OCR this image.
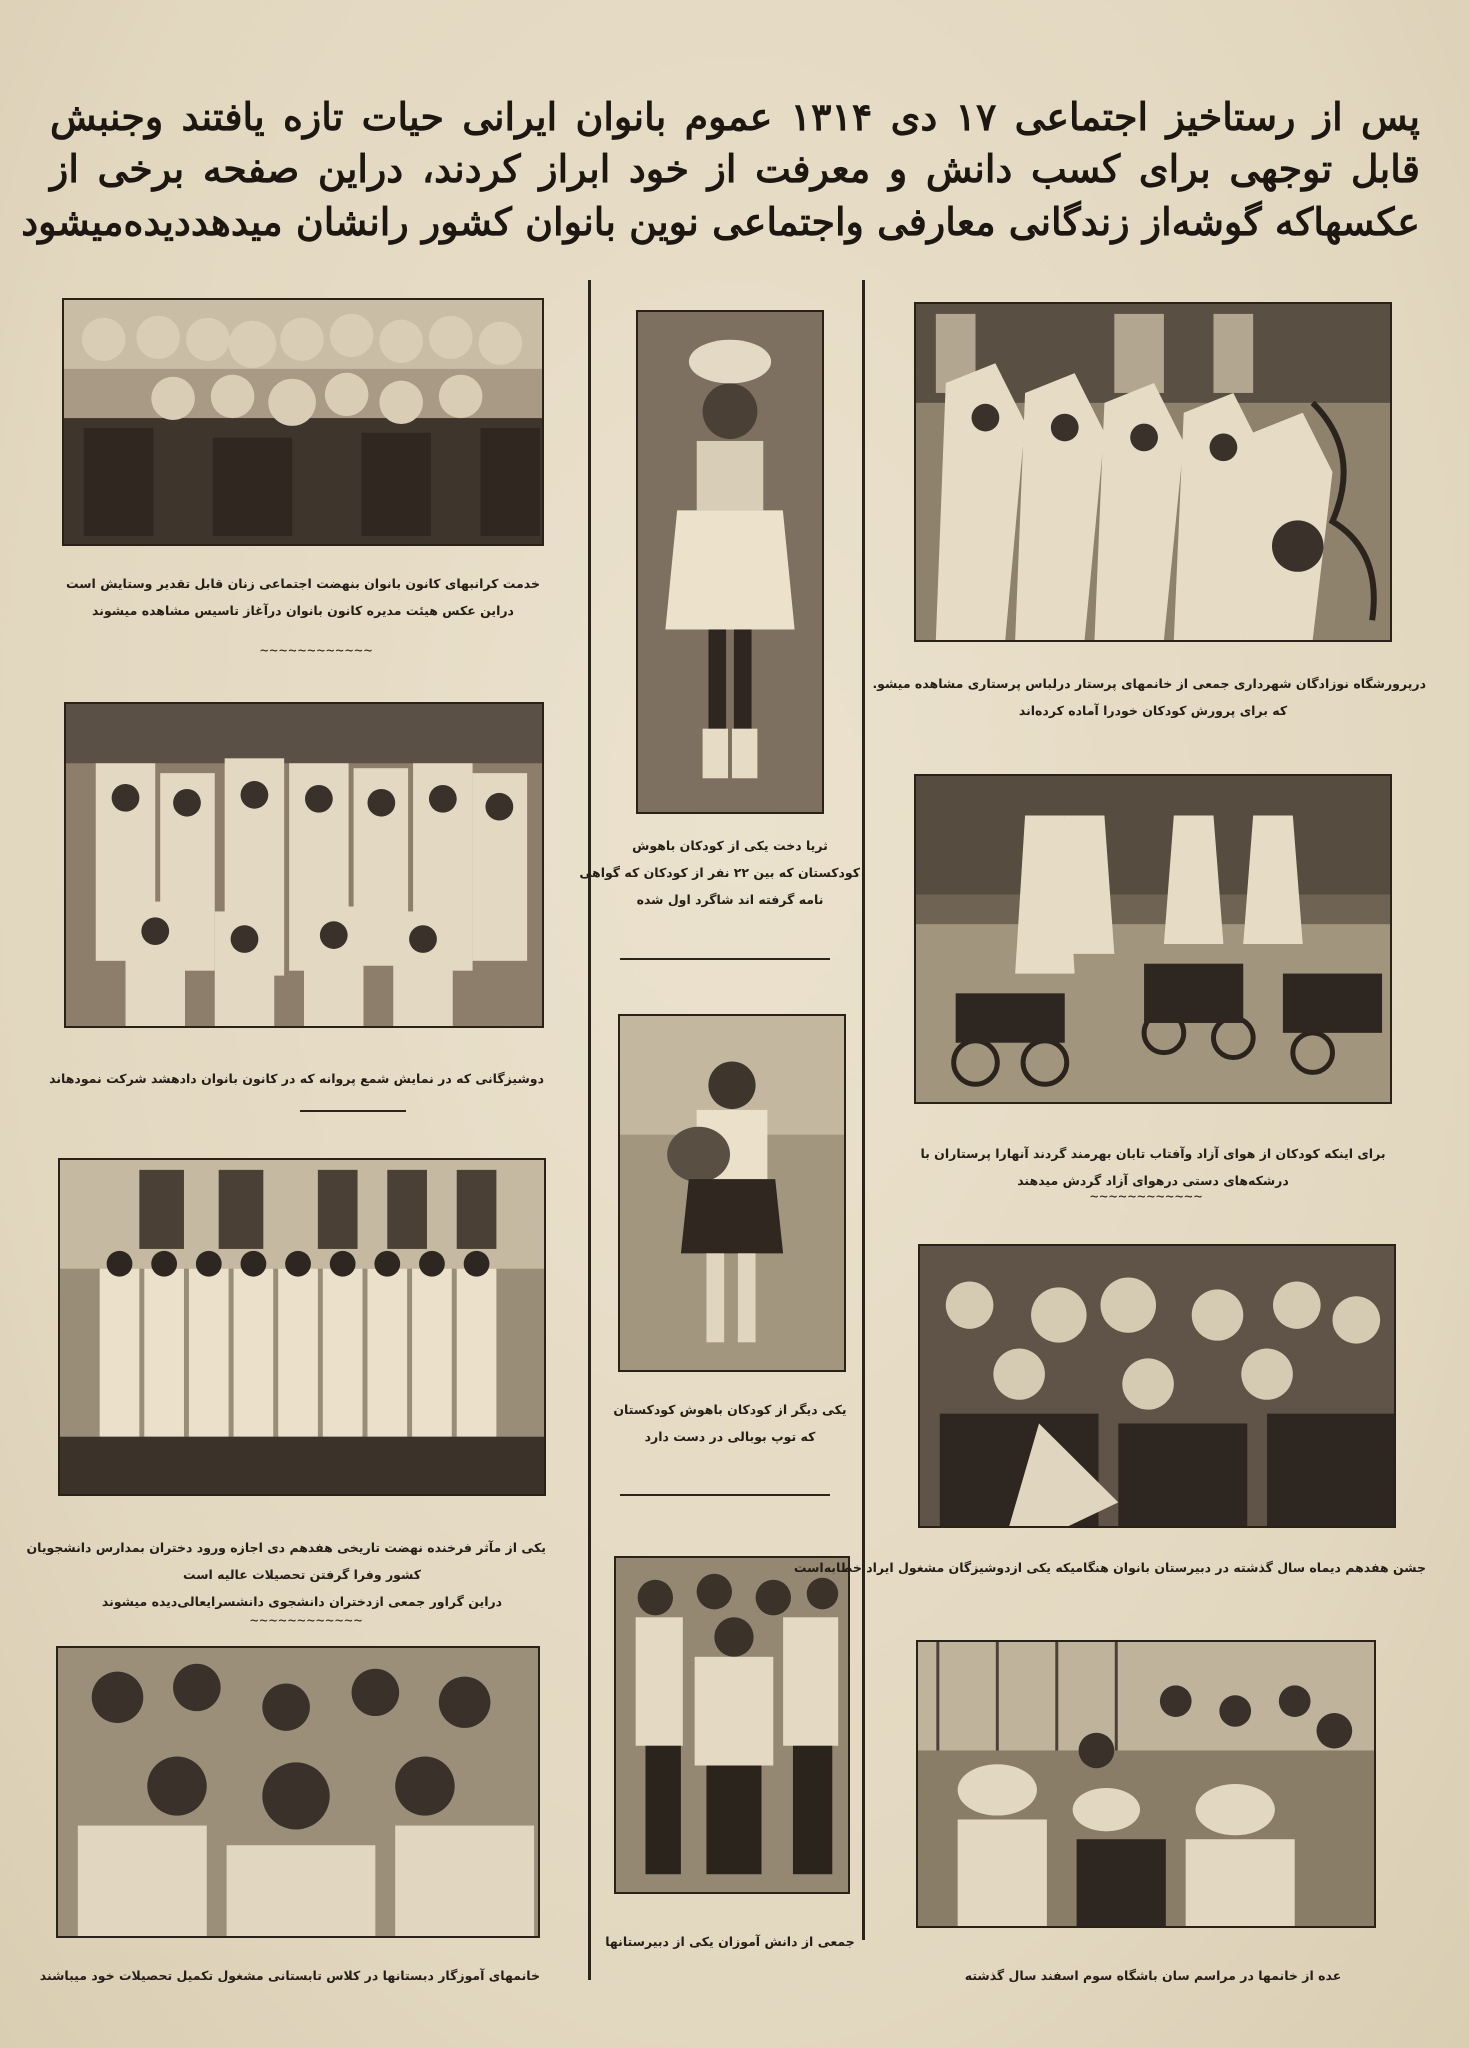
پس از رستاخیز اجتماعی ۱۷ دی ۱۳۱۴ عموم بانوان ایرانی حیات تازه یافتند وجنبش
قابل توجهی برای کسب دانش و معرفت از خود ابراز کردند، دراین صفحه برخی از
عکسهاکه گوشه‌از زندگانی معارفی واجتماعی نوین بانوان کشور رانشان میدهددیده‌میشود
خدمت کرانبهای کانون بانوان بنهضت اجتماعی زنان قابل تقدیر وستایش است
دراین عکس هیئت مدیره کانون بانوان درآغاز تاسیس مشاهده میشوند
~~~~~~~~~~~~
دوشیزگانی که در نمایش شمع پروانه که در کانون بانوان دادهشد شرکت نمودهاند
یکی از مآثر فرخنده نهضت تاریخی هفدهم دی اجازه ورود دختران بمدارس دانشجویان
کشور وفرا گرفتن تحصیلات عالیه است
دراین گراور جمعی ازدختران دانشجوی دانشسرایعالی‌دیده میشوند
~~~~~~~~~~~~
خانمهای آموزگار دبستانها در کلاس تابستانی مشغول تکمیل تحصیلات خود میباشند
ثریا دخت یکی از کودکان باهوش
کودکستان که بین ۲۲ نفر از کودکان که گواهی
نامه گرفته اند شاگرد اول شده
یکی دیگر از کودکان باهوش کودکستان
که توپ بوبالی در دست دارد
جمعی از دانش آموزان یکی از دبیرستانها
درپرورشگاه نوزادگان شهرداری جمعی از خانمهای پرستار درلباس پرستاری مشاهده میشو.
که برای پرورش کودکان خودرا آماده کرده‌اند
برای اینکه کودکان از هوای آزاد وآفتاب تابان بهرمند گردند آنهارا پرستاران با
درشکه‌های دستی درهوای آزاد گردش میدهند
~~~~~~~~~~~~
جشن هفدهم دیماه سال گذشته در دبیرستان بانوان هنگامیکه یکی ازدوشیزگان مشغول ایراد خطابه‌است
عده از خانمها در مراسم سان باشگاه سوم اسفند سال گذشته
